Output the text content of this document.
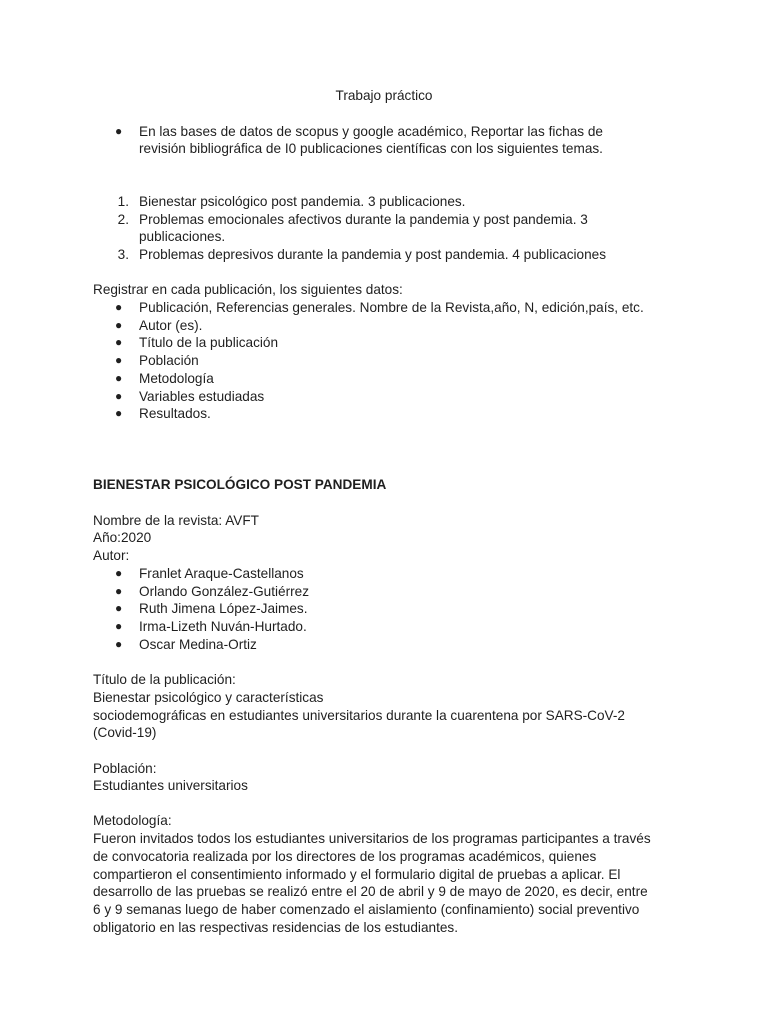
Trabajo práctico
● En las bases de datos de scopus y google académico, Reportar las fichas de
revisión bibliográfica de I0 publicaciones científicas con los siguientes temas.
1. Bienestar psicológico post pandemia. 3 publicaciones.
2. Problemas emocionales afectivos durante la pandemia y post pandemia. 3
publicaciones.
3. Problemas depresivos durante la pandemia y post pandemia. 4 publicaciones
Registrar en cada publicación, los siguientes datos:
● Publicación, Referencias generales. Nombre de la Revista,año, N, edición,país, etc.
● Autor (es).
● Título de la publicación
● Población
● Metodología
● Variables estudiadas
● Resultados.
BIENESTAR PSICOLÓGICO POST PANDEMIA
Nombre de la revista: AVFT
Año:2020
Autor:
● Franlet Araque-Castellanos
● Orlando González-Gutiérrez
● Ruth Jimena López-Jaimes.
● Irma-Lizeth Nuván-Hurtado.
● Oscar Medina-Ortiz
Título de la publicación:
Bienestar psicológico y características
sociodemográficas en estudiantes universitarios durante la cuarentena por SARS-CoV-2
(Covid-19)
Población:
Estudiantes universitarios
Metodología:
Fueron invitados todos los estudiantes universitarios de los programas participantes a través
de convocatoria realizada por los directores de los programas académicos, quienes
compartieron el consentimiento informado y el formulario digital de pruebas a aplicar. El
desarrollo de las pruebas se realizó entre el 20 de abril y 9 de mayo de 2020, es decir, entre
6 y 9 semanas luego de haber comenzado el aislamiento (confinamiento) social preventivo
obligatorio en las respectivas residencias de los estudiantes.
